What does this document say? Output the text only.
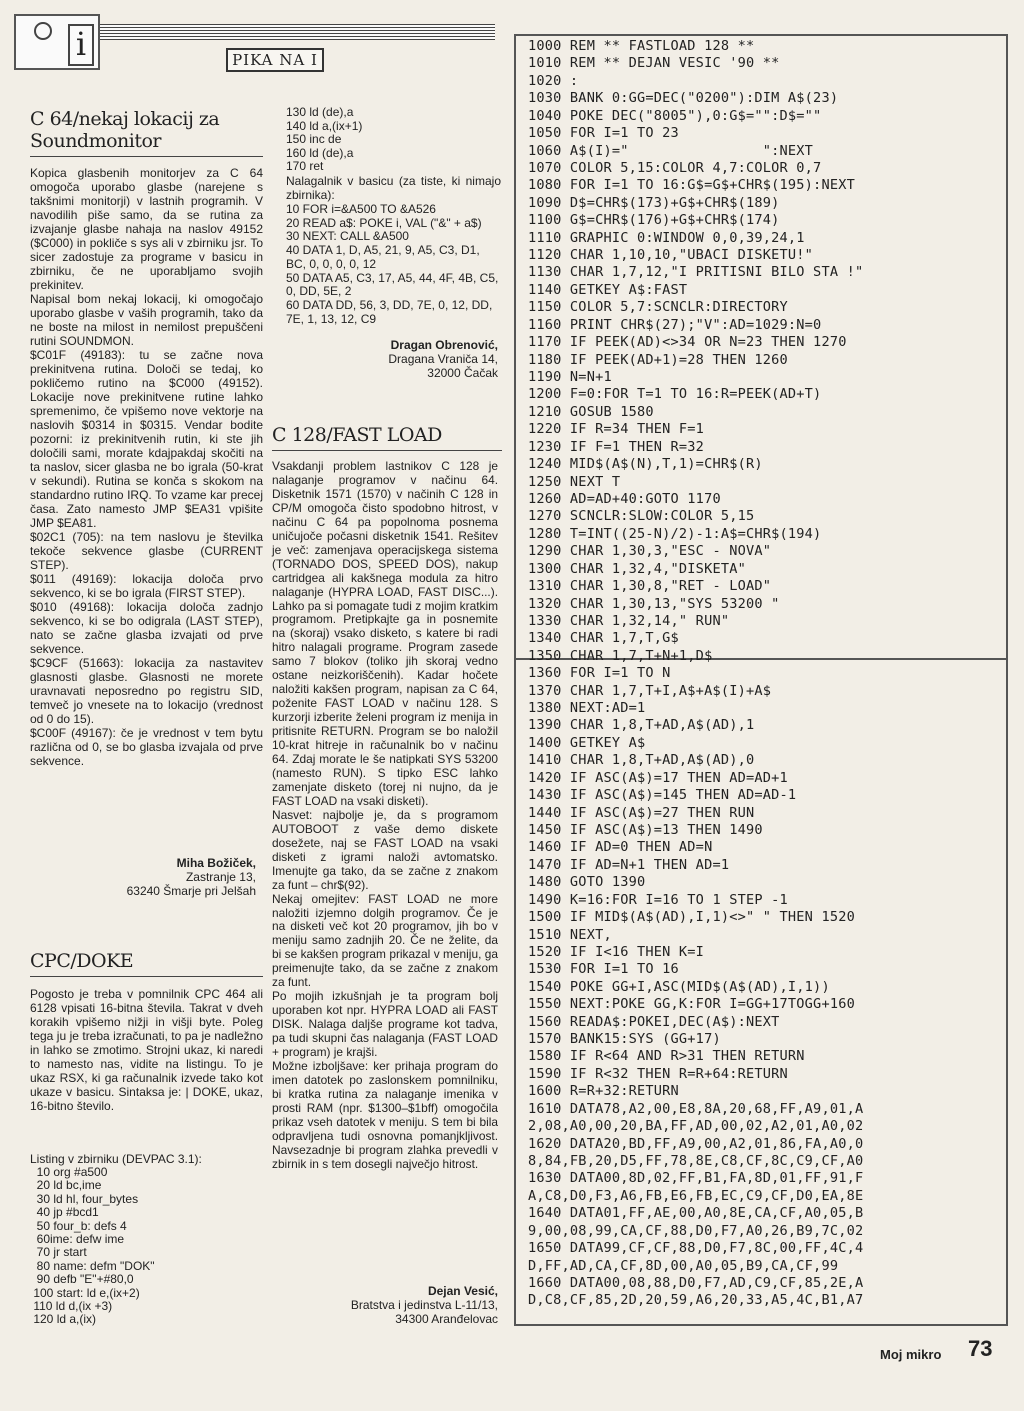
i	PIKA NA I
C 64/nekaj lokacij za Soundmonitor
Kopica glasbenih monitorjev za C 64 omogoča uporabo glasbe (narejene s takšnimi monitorji) v lastnih programih. V navodilih piše samo, da se rutina za izvajanje glasbe nahaja na naslov 49152 ($C000) in pokliče s sys ali v zbirniku jsr. To sicer zadostuje za programe v basicu in zbirniku, če ne uporabljamo svojih prekinitev.
Napisal bom nekaj lokacij, ki omogočajo uporabo glasbe v vaših programih, tako da ne boste na milost in nemilost prepuščeni rutini SOUNDMON.
$C01F (49183): tu se začne nova prekinitvena rutina. Določi se tedaj, ko pokličemo rutino na $C000 (49152). Lokacije nove prekinitvene rutine lahko spremenimo, če vpišemo nove vektorje na naslovih $0314 in $0315. Vendar bodite pozorni: iz prekinitvenih rutin, ki ste jih določili sami, morate kdajpakdaj skočiti na ta naslov, sicer glasba ne bo igrala (50-krat v sekundi). Rutina se konča s skokom na standardno rutino IRQ. To vzame kar precej časa. Zato namesto JMP $EA31 vpišite JMP $EA81.
$02C1 (705): na tem naslovu je številka tekoče sekvence glasbe (CURRENT STEP).
$011 (49169): lokacija določa prvo sekvenco, ki se bo igrala (FIRST STEP).
$010 (49168): lokacija določa zadnjo sekvenco, ki se bo odigrala (LAST STEP), nato se začne glasba izvajati od prve sekvence.
$C9CF (51663): lokacija za nastavitev glasnosti glasbe. Glasnosti ne morete uravnavati neposredno po registru SID, temveč jo vnesete na to lokacijo (vrednost od 0 do 15).
$C00F (49167): če je vrednost v tem bytu različna od 0, se bo glasba izvajala od prve sekvence.
Miha Božiček,
Zastranje 13,
63240 Šmarje pri Jelšah
CPC/DOKE
Pogosto je treba v pomnilnik CPC 464 ali 6128 vpisati 16-bitna števila. Takrat v dveh korakih vpišemo nižji in višji byte. Poleg tega ju je treba izračunati, to pa je nadležno in lahko se zmotimo. Strojni ukaz, ki naredi to namesto nas, vidite na listingu. To je ukaz RSX, ki ga računalnik izvede tako kot ukaze v basicu. Sintaksa je: | DOKE, ukaz, 16-bitno število.
Listing v zbirniku (DEVPAC 3.1):
10 org #a500
20 ld bc,ime
30 ld hl, four_bytes
40 jp #bcd1
50 four_b: defs 4
60ime: defw ime
70 jr start
80 name: defm "DOK"
90 defb "E"+#80,0
100 start: ld e,(ix+2)
110 ld d,(ix +3)
120 ld a,(ix)
130 ld (de),a
140 ld a,(ix+1)
150 inc de
160 ld (de),a
170 ret
Nalagalnik v basicu (za tiste, ki nimajo zbirnika):
10 FOR i=&A500 TO &A526
20 READ a$: POKE i, VAL ("&" + a$)
30 NEXT: CALL &A500
40 DATA 1, D, A5, 21, 9, A5, C3, D1, BC, 0, 0, 0, 0, 12
50 DATA A5, C3, 17, A5, 44, 4F, 4B, C5, 0, DD, 5E, 2
60 DATA DD, 56, 3, DD, 7E, 0, 12, DD, 7E, 1, 13, 12, C9
Dragan Obrenović,
Dragana Vraniča 14,
32000 Čačak
C 128/FAST LOAD
Vsakdanji problem lastnikov C 128 je nalaganje programov v načinu 64. Disketnik 1571 (1570) v načinih C 128 in CP/M omogoča čisto spodobno hitrost, v načinu C 64 pa popolnoma posnema uničujoče počasni disketnik 1541. Rešitev je več: zamenjava operacijskega sistema (TORNADO DOS, SPEED DOS), nakup cartridgea ali kakšnega modula za hitro nalaganje (HYPRA LOAD, FAST DISC...). Lahko pa si pomagate tudi z mojim kratkim programom. Pretipkajte ga in posnemite na (skoraj) vsako disketo, s katere bi radi hitro nalagali programe. Program zasede samo 7 blokov (toliko jih skoraj vedno ostane neizkoriščenih). Kadar hočete naložiti kakšen program, napisan za C 64, poženite FAST LOAD v načinu 128. S kurzorji izberite želeni program iz menija in pritisnite RETURN. Program se bo naložil 10-krat hitreje in računalnik bo v načinu 64. Zdaj morate le še natipkati SYS 53200 (namesto RUN). S tipko ESC lahko zamenjate disketo (torej ni nujno, da je FAST LOAD na vsaki disketi).
Nasvet: najbolje je, da s programom AUTOBOOT z vaše demo diskete dosežete, naj se FAST LOAD na vsaki disketi z igrami naloži avtomatsko. Imenujte ga tako, da se začne z znakom za funt – chr$(92).
Nekaj omejitev: FAST LOAD ne more naložiti izjemno dolgih programov. Če je na disketi več kot 20 programov, jih bo v meniju samo zadnjih 20. Če ne želite, da bi se kakšen program prikazal v meniju, ga preimenujte tako, da se začne z znakom za funt.
Po mojih izkušnjah je ta program bolj uporaben kot npr. HYPRA LOAD ali FAST DISK. Nalaga daljše programe kot tadva, pa tudi skupni čas nalaganja (FAST LOAD + program) je krajši.
Možne izboljšave: ker prihaja program do imen datotek po zaslonskem pomnilniku, bi kratka rutina za nalaganje imenika v prosti RAM (npr. $1300–$1bff) omogočila prikaz vseh datotek v meniju. S tem bi bila odpravljena tudi osnovna pomanjkljivost. Navsezadnje bi program zlahka prevedli v zbirnik in s tem dosegli največjo hitrost.
Dejan Vesić,
Bratstva i jedinstva L-11/13,
34300 Aranđelovac
1000 REM ** FASTLOAD 128 **
1010 REM ** DEJAN VESIC '90 **
1020 :
1030 BANK 0:GG=DEC("0200"):DIM A$(23)
1040 POKE DEC("8005"),0:G$="":D$=""
1050 FOR I=1 TO 23
1060 A$(I)="                ":NEXT
1070 COLOR 5,15:COLOR 4,7:COLOR 0,7
1080 FOR I=1 TO 16:G$=G$+CHR$(195):NEXT
1090 D$=CHR$(173)+G$+CHR$(189)
1100 G$=CHR$(176)+G$+CHR$(174)
1110 GRAPHIC 0:WINDOW 0,0,39,24,1
1120 CHAR 1,10,10,"UBACI DISKETU!"
1130 CHAR 1,7,12,"I PRITISNI BILO STA !"
1140 GETKEY A$:FAST
1150 COLOR 5,7:SCNCLR:DIRECTORY
1160 PRINT CHR$(27);"V":AD=1029:N=0
1170 IF PEEK(AD)<>34 OR N=23 THEN 1270
1180 IF PEEK(AD+1)=28 THEN 1260
1190 N=N+1
1200 F=0:FOR T=1 TO 16:R=PEEK(AD+T)
1210 GOSUB 1580
1220 IF R=34 THEN F=1
1230 IF F=1 THEN R=32
1240 MID$(A$(N),T,1)=CHR$(R)
1250 NEXT T
1260 AD=AD+40:GOTO 1170
1270 SCNCLR:SLOW:COLOR 5,15
1280 T=INT((25-N)/2)-1:A$=CHR$(194)
1290 CHAR 1,30,3,"ESC - NOVA"
1300 CHAR 1,32,4,"DISKETA"
1310 CHAR 1,30,8,"RET - LOAD"
1320 CHAR 1,30,13,"SYS 53200 "
1330 CHAR 1,32,14," RUN"
1340 CHAR 1,7,T,G$
1350 CHAR 1,7,T+N+1,D$
1360 FOR I=1 TO N
1370 CHAR 1,7,T+I,A$+A$(I)+A$
1380 NEXT:AD=1
1390 CHAR 1,8,T+AD,A$(AD),1
1400 GETKEY A$
1410 CHAR 1,8,T+AD,A$(AD),0
1420 IF ASC(A$)=17 THEN AD=AD+1
1430 IF ASC(A$)=145 THEN AD=AD-1
1440 IF ASC(A$)=27 THEN RUN
1450 IF ASC(A$)=13 THEN 1490
1460 IF AD=0 THEN AD=N
1470 IF AD=N+1 THEN AD=1
1480 GOTO 1390
1490 K=16:FOR I=16 TO 1 STEP -1
1500 IF MID$(A$(AD),I,1)<>" " THEN 1520
1510 NEXT,
1520 IF I<16 THEN K=I
1530 FOR I=1 TO 16
1540 POKE GG+I,ASC(MID$(A$(AD),I,1))
1550 NEXT:POKE GG,K:FOR I=GG+17TOGG+160
1560 READA$:POKEI,DEC(A$):NEXT
1570 BANK15:SYS (GG+17)
1580 IF R<64 AND R>31 THEN RETURN
1590 IF R<32 THEN R=R+64:RETURN
1600 R=R+32:RETURN
1610 DATA78,A2,00,E8,8A,20,68,FF,A9,01,A
2,08,A0,00,20,BA,FF,AD,00,02,A2,01,A0,02
1620 DATA20,BD,FF,A9,00,A2,01,86,FA,A0,0
8,84,FB,20,D5,FF,78,8E,C8,CF,8C,C9,CF,A0
1630 DATA00,8D,02,FF,B1,FA,8D,01,FF,91,F
A,C8,D0,F3,A6,FB,E6,FB,EC,C9,CF,D0,EA,8E
1640 DATA01,FF,AE,00,A0,8E,CA,CF,A0,05,B
9,00,08,99,CA,CF,88,D0,F7,A0,26,B9,7C,02
1650 DATA99,CF,CF,88,D0,F7,8C,00,FF,4C,4
D,FF,AD,CA,CF,8D,00,A0,05,B9,CA,CF,99
1660 DATA00,08,88,D0,F7,AD,C9,CF,85,2E,A
D,C8,CF,85,2D,20,59,A6,20,33,A5,4C,B1,A7
Moj mikro 73
